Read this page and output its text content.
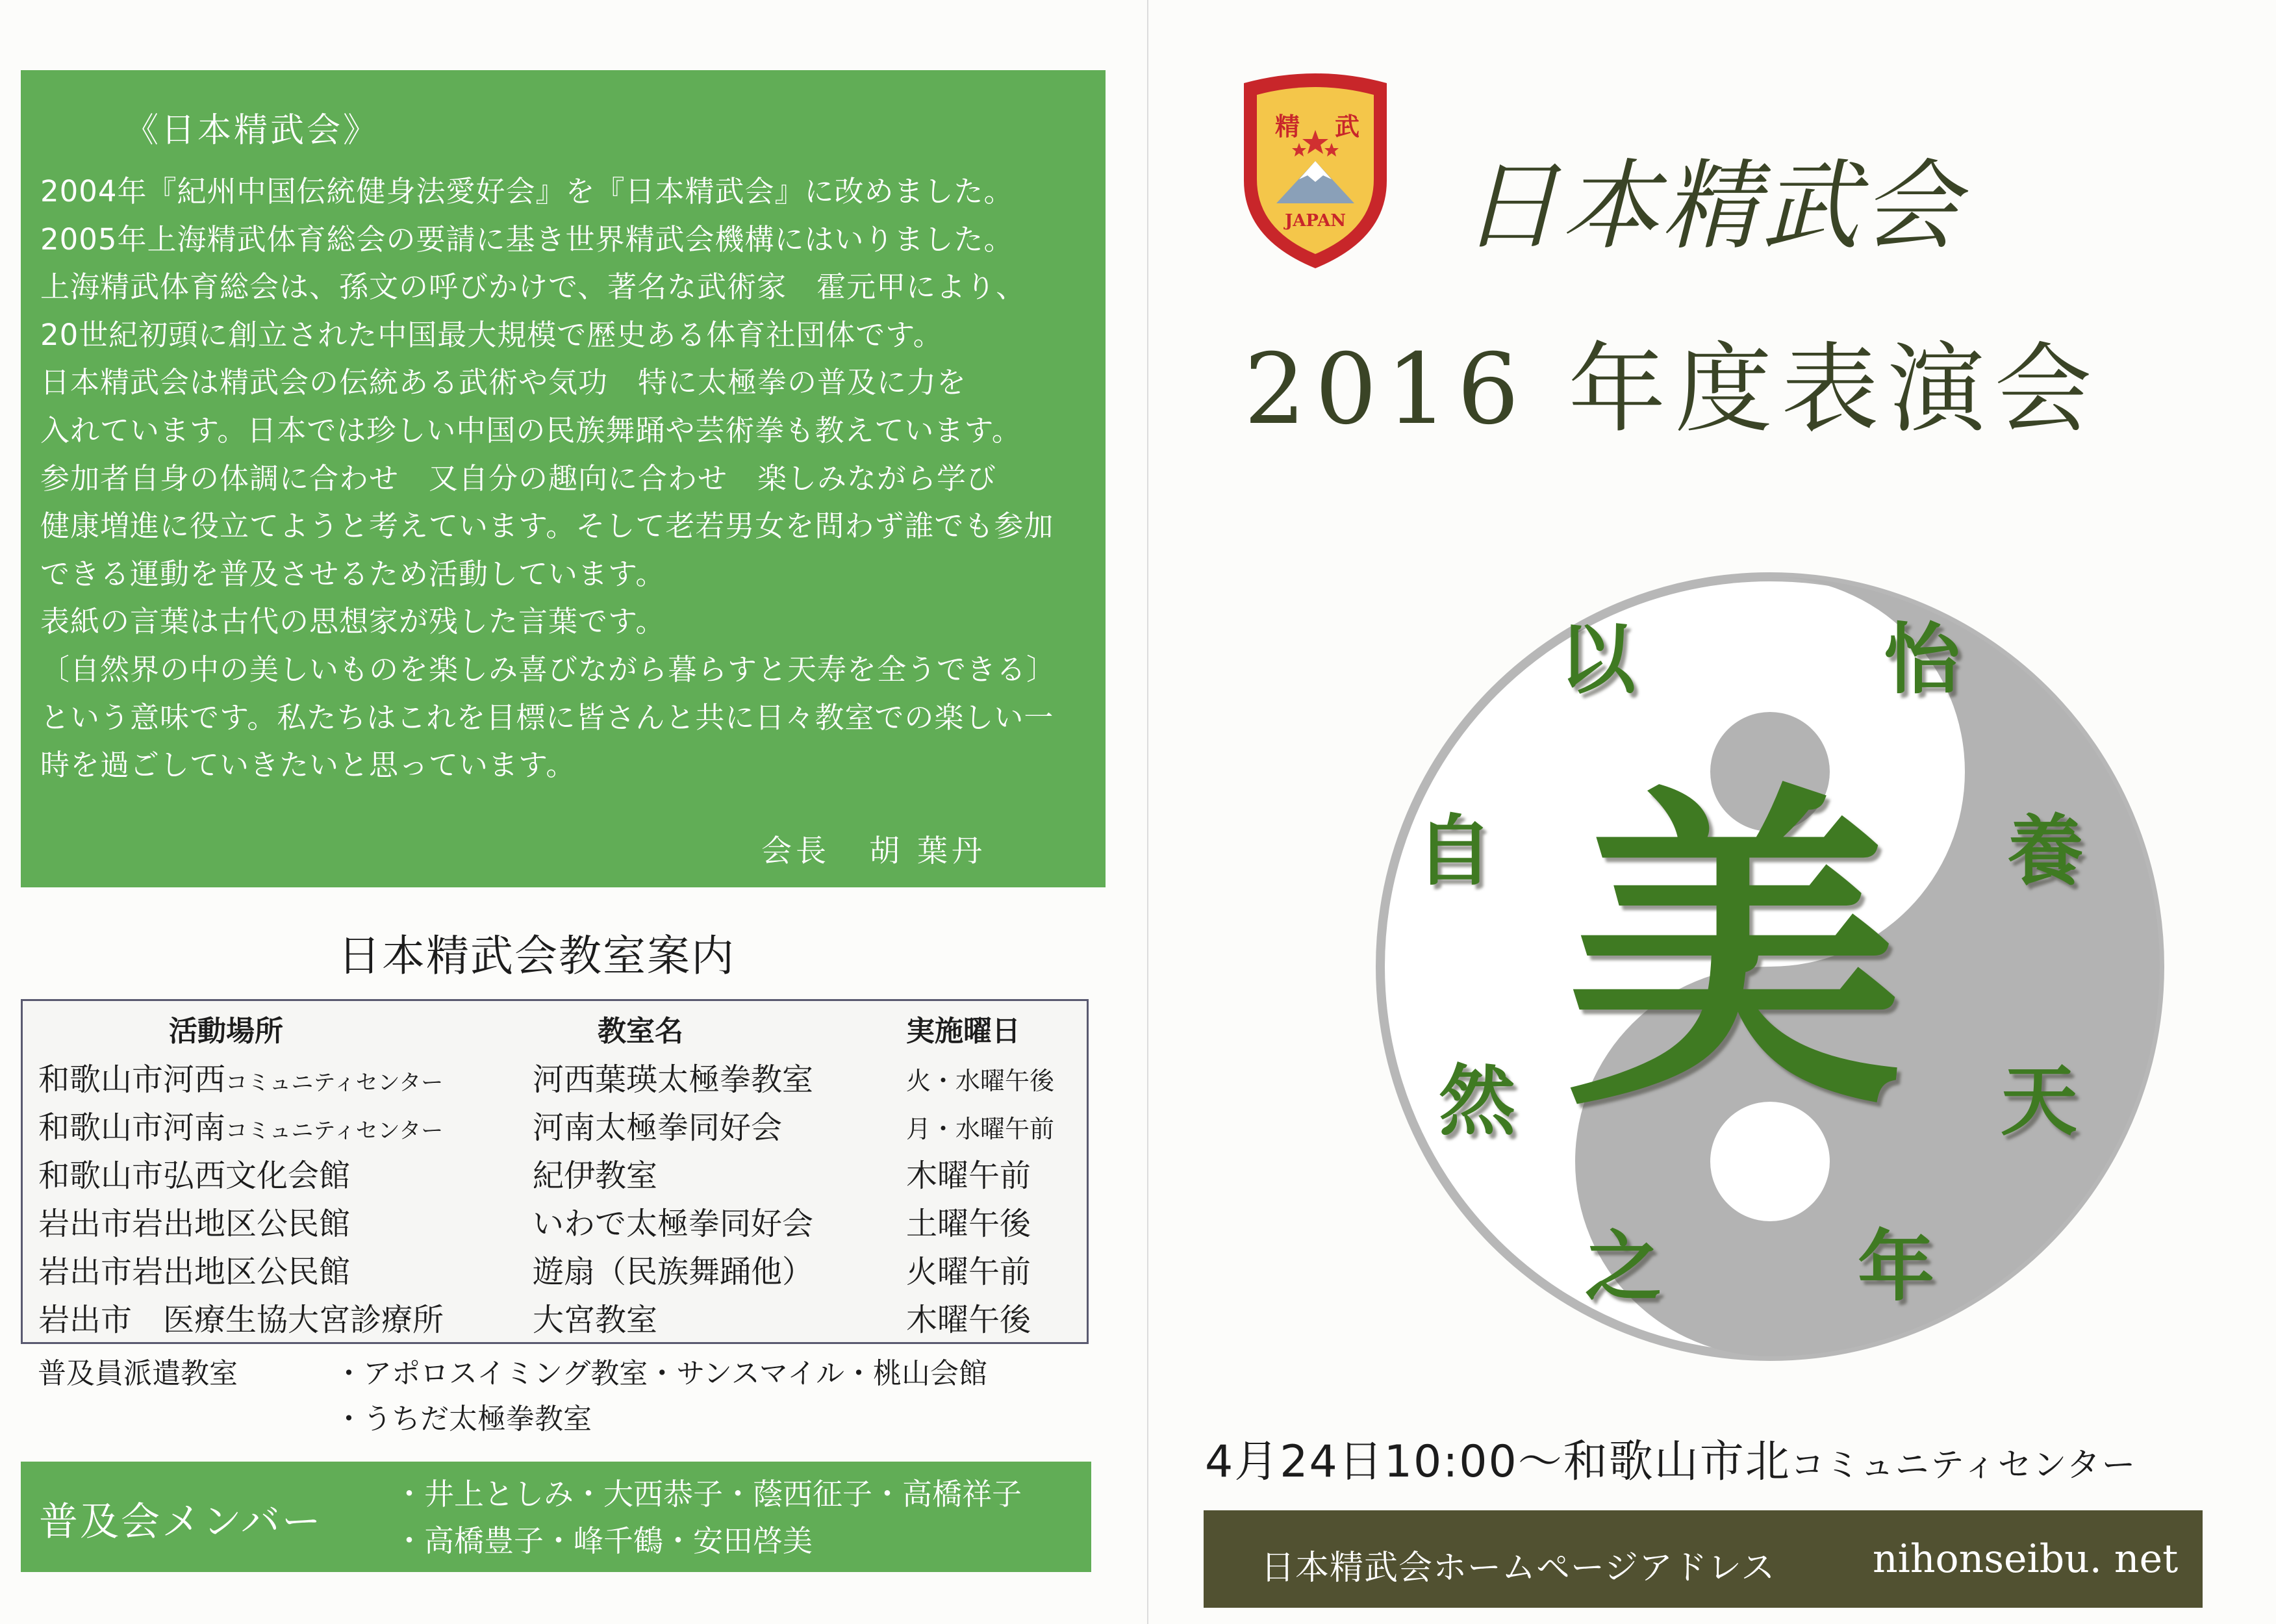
《日本精武会》
2004年『紀州中国伝統健身法愛好会』を『日本精武会』に改めました。
2005年上海精武体育総会の要請に基き世界精武会機構にはいりました。
上海精武体育総会は、孫文の呼びかけで、著名な武術家　霍元甲により、
20世紀初頭に創立された中国最大規模で歴史ある体育社団体です。
日本精武会は精武会の伝統ある武術や気功　特に太極拳の普及に力を
入れています。日本では珍しい中国の民族舞踊や芸術拳も教えています。
参加者自身の体調に合わせ　又自分の趣向に合わせ　楽しみながら学び
健康増進に役立てようと考えています。そして老若男女を問わず誰でも参加
できる運動を普及させるため活動しています。
表紙の言葉は古代の思想家が残した言葉です。
〔自然界の中の美しいものを楽しみ喜びながら暮らすと天寿を全うできる〕
という意味です。私たちはこれを目標に皆さんと共に日々教室での楽しい一
時を過ごしていきたいと思っています。
会長 胡 葉丹
日本精武会教室案内
活動場所	教室名	実施曜日
和歌山市河西コミュニティセンター	河西葉瑛太極拳教室	火・水曜午後
和歌山市河南コミュニティセンター	河南太極拳同好会	月・水曜午前
和歌山市弘西文化会館	紀伊教室	木曜午前
岩出市岩出地区公民館	いわで太極拳同好会	土曜午後
岩出市岩出地区公民館	遊扇（民族舞踊他）	火曜午前
岩出市　医療生協大宮診療所	大宮教室	木曜午後
普及員派遣教室	・アポロスイミング教室・サンスマイル・桃山会館
・うちだ太極拳教室
普及会メンバー
・井上としみ・大西恭子・蔭西征子・高橋祥子
・高橋豊子・峰千鶴・安田啓美
精 武
JAPAN 日本精武会
2016 年度表演会
以
自
然
之
怡
養
天
年
美
4月24日10:00～和歌山市北コミュニティセンター
日本精武会ホームページアドレス nihonseibu. net
